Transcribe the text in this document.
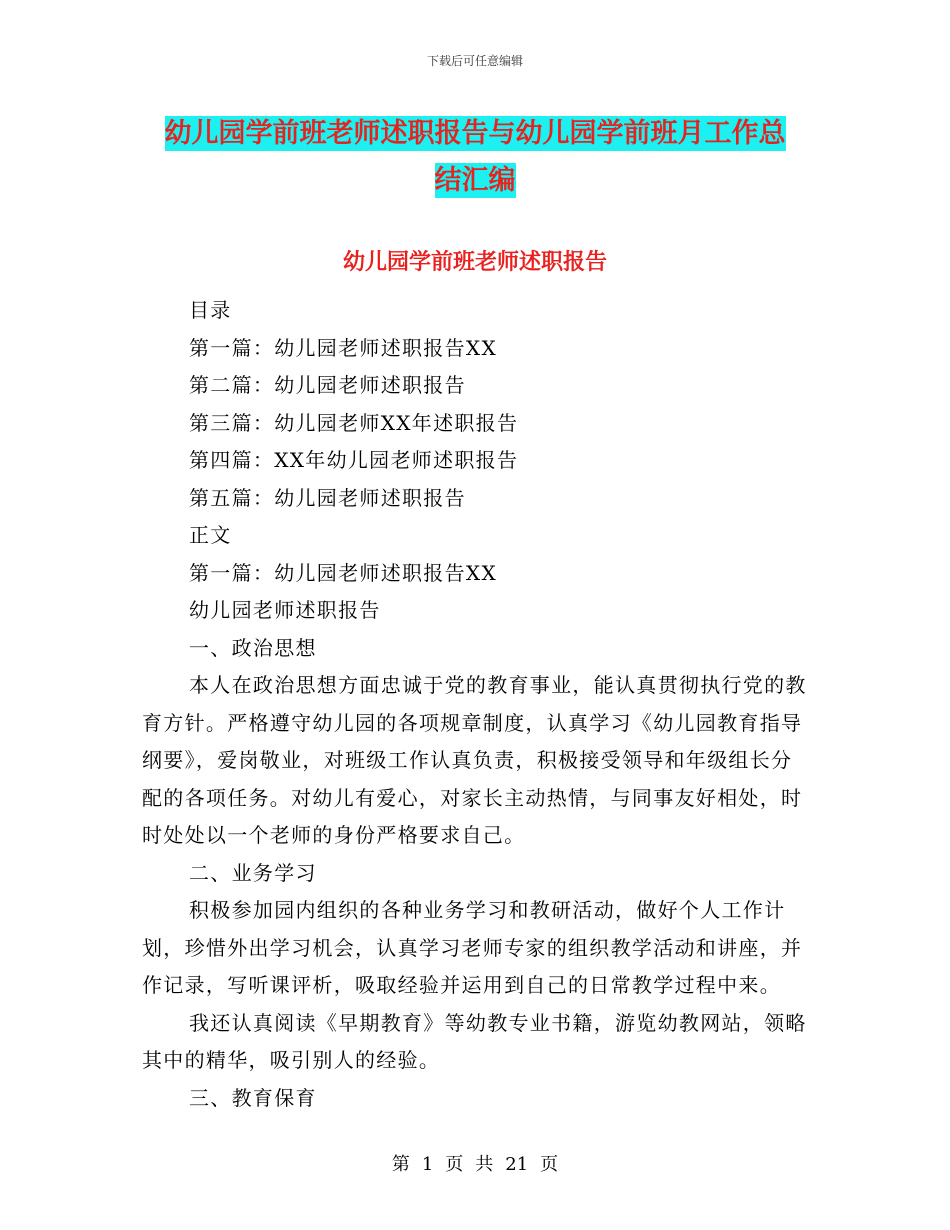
下载后可任意编辑
幼儿园学前班老师述职报告与幼儿园学前班月工作总
结汇编
幼儿园学前班老师述职报告

目录

第一篇：幼儿园老师述职报告XX

第二篇：幼儿园老师述职报告

第三篇：幼儿园老师XX年述职报告

第四篇：XX年幼儿园老师述职报告

第五篇：幼儿园老师述职报告

正文

第一篇：幼儿园老师述职报告XX

幼儿园老师述职报告

一、政治思想

本人在政治思想方面忠诚于党的教育事业，能认真贯彻执行党的教育方针。严格遵守幼儿园的各项规章制度，认真学习《幼儿园教育指导纲要》，爱岗敬业，对班级工作认真负责，积极接受领导和年级组长分配的各项任务。对幼儿有爱心，对家长主动热情，与同事友好相处，时时处处以一个老师的身份严格要求自己。

二、业务学习

积极参加园内组织的各种业务学习和教研活动，做好个人工作计划，珍惜外出学习机会，认真学习老师专家的组织教学活动和讲座，并作记录，写听课评析，吸取经验并运用到自己的日常教学过程中来。

我还认真阅读《早期教育》等幼教专业书籍，游览幼教网站，领略其中的精华，吸引别人的经验。

三、教育保育

第 1 页 共 21 页
